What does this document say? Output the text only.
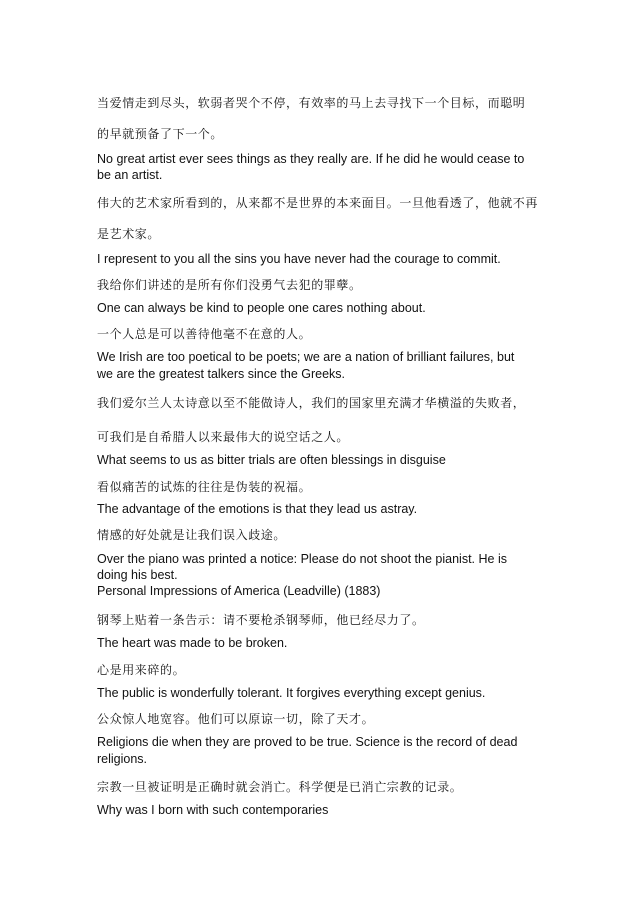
当爱情走到尽头，软弱者哭个不停，有效率的马上去寻找下一个目标，而聪明

的早就预备了下一个。

No great artist ever sees things as they really are. If he did he would cease to

be an artist.

伟大的艺术家所看到的，从来都不是世界的本来面目。一旦他看透了，他就不再

是艺术家。

I represent to you all the sins you have never had the courage to commit.

我给你们讲述的是所有你们没勇气去犯的罪孽。

One can always be kind to people one cares nothing about.

一个人总是可以善待他毫不在意的人。

We Irish are too poetical to be poets; we are a nation of brilliant failures, but

we are the greatest talkers since the Greeks.

我们爱尔兰人太诗意以至不能做诗人，我们的国家里充满才华横溢的失败者，

可我们是自希腊人以来最伟大的说空话之人。

What seems to us as bitter trials are often blessings in disguise

看似痛苦的试炼的往往是伪装的祝福。

The advantage of the emotions is that they lead us astray.

情感的好处就是让我们误入歧途。

Over the piano was printed a notice: Please do not shoot the pianist. He is

doing his best.

Personal Impressions of America (Leadville) (1883)

钢琴上贴着一条告示：请不要枪杀钢琴师，他已经尽力了。

The heart was made to be broken.

心是用来碎的。

The public is wonderfully tolerant. It forgives everything except genius.

公众惊人地宽容。他们可以原谅一切，除了天才。

Religions die when they are proved to be true. Science is the record of dead

religions.

宗教一旦被证明是正确时就会消亡。科学便是已消亡宗教的记录。

Why was I born with such contemporaries
